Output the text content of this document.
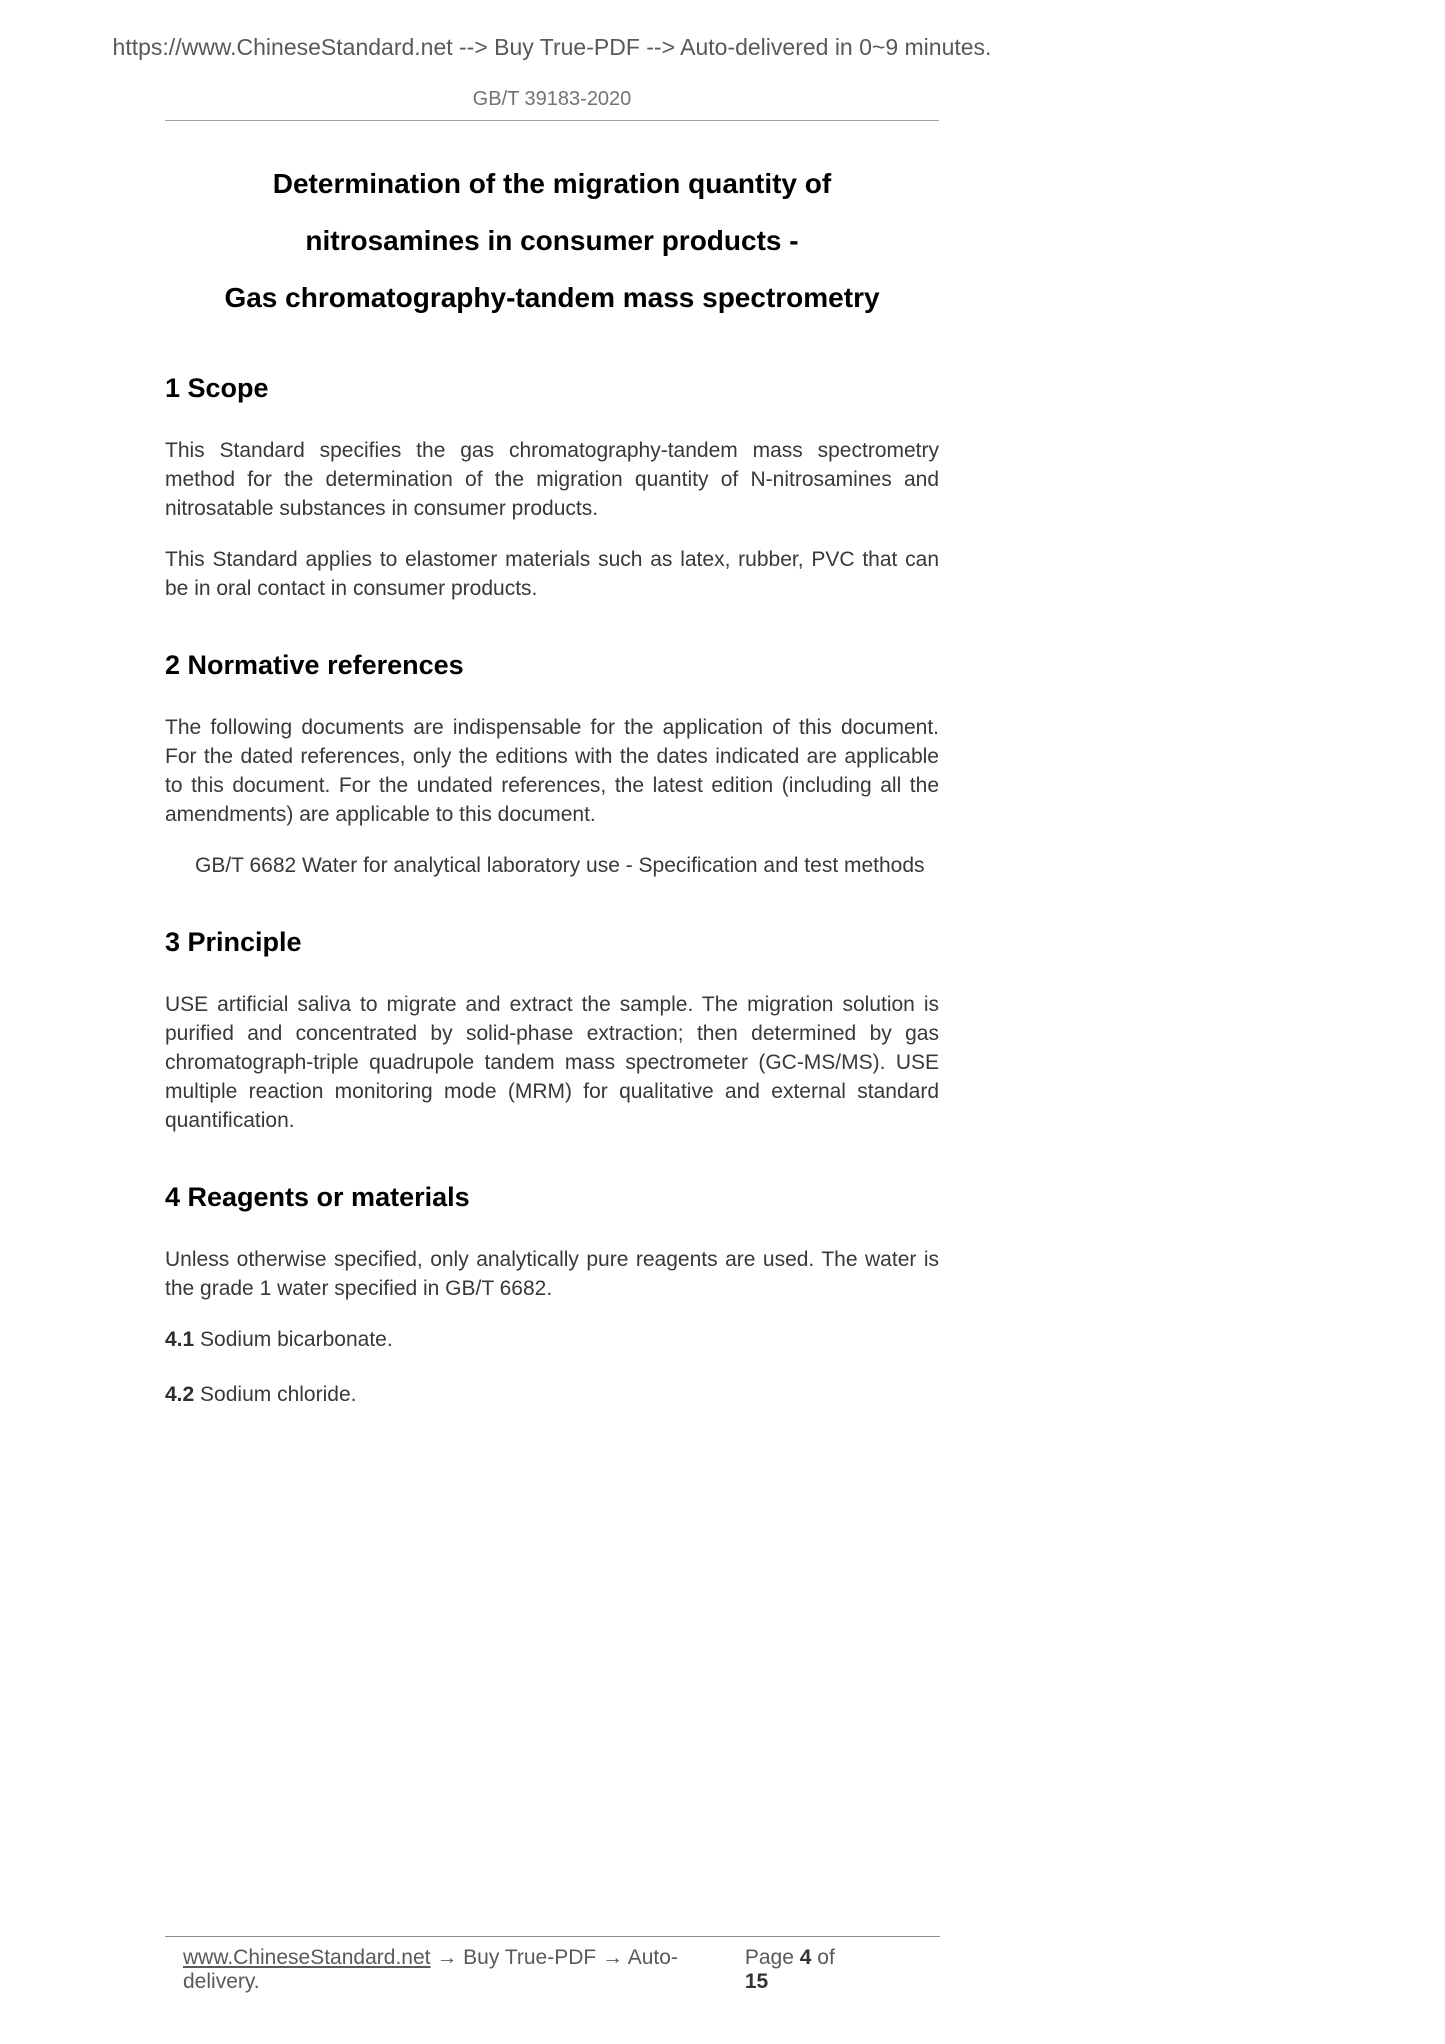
https://www.ChineseStandard.net --> Buy True-PDF --> Auto-delivered in 0~9 minutes.
GB/T 39183-2020
Determination of the migration quantity of
nitrosamines in consumer products -
Gas chromatography-tandem mass spectrometry
1 Scope

This Standard specifies the gas chromatography-tandem mass spectrometry method for the determination of the migration quantity of N-nitrosamines and nitrosatable substances in consumer products.

This Standard applies to elastomer materials such as latex, rubber, PVC that can be in oral contact in consumer products.

2 Normative references

The following documents are indispensable for the application of this document. For the dated references, only the editions with the dates indicated are applicable to this document. For the undated references, the latest edition (including all the amendments) are applicable to this document.

GB/T 6682 Water for analytical laboratory use - Specification and test methods

3 Principle

USE artificial saliva to migrate and extract the sample. The migration solution is purified and concentrated by solid-phase extraction; then determined by gas chromatograph-triple quadrupole tandem mass spectrometer (GC-MS/MS). USE multiple reaction monitoring mode (MRM) for qualitative and external standard quantification.

4 Reagents or materials

Unless otherwise specified, only analytically pure reagents are used. The water is the grade 1 water specified in GB/T 6682.

4.1 Sodium bicarbonate.

4.2 Sodium chloride.

www.ChineseStandard.net → Buy True-PDF → Auto-delivery.
Page 4 of 15
